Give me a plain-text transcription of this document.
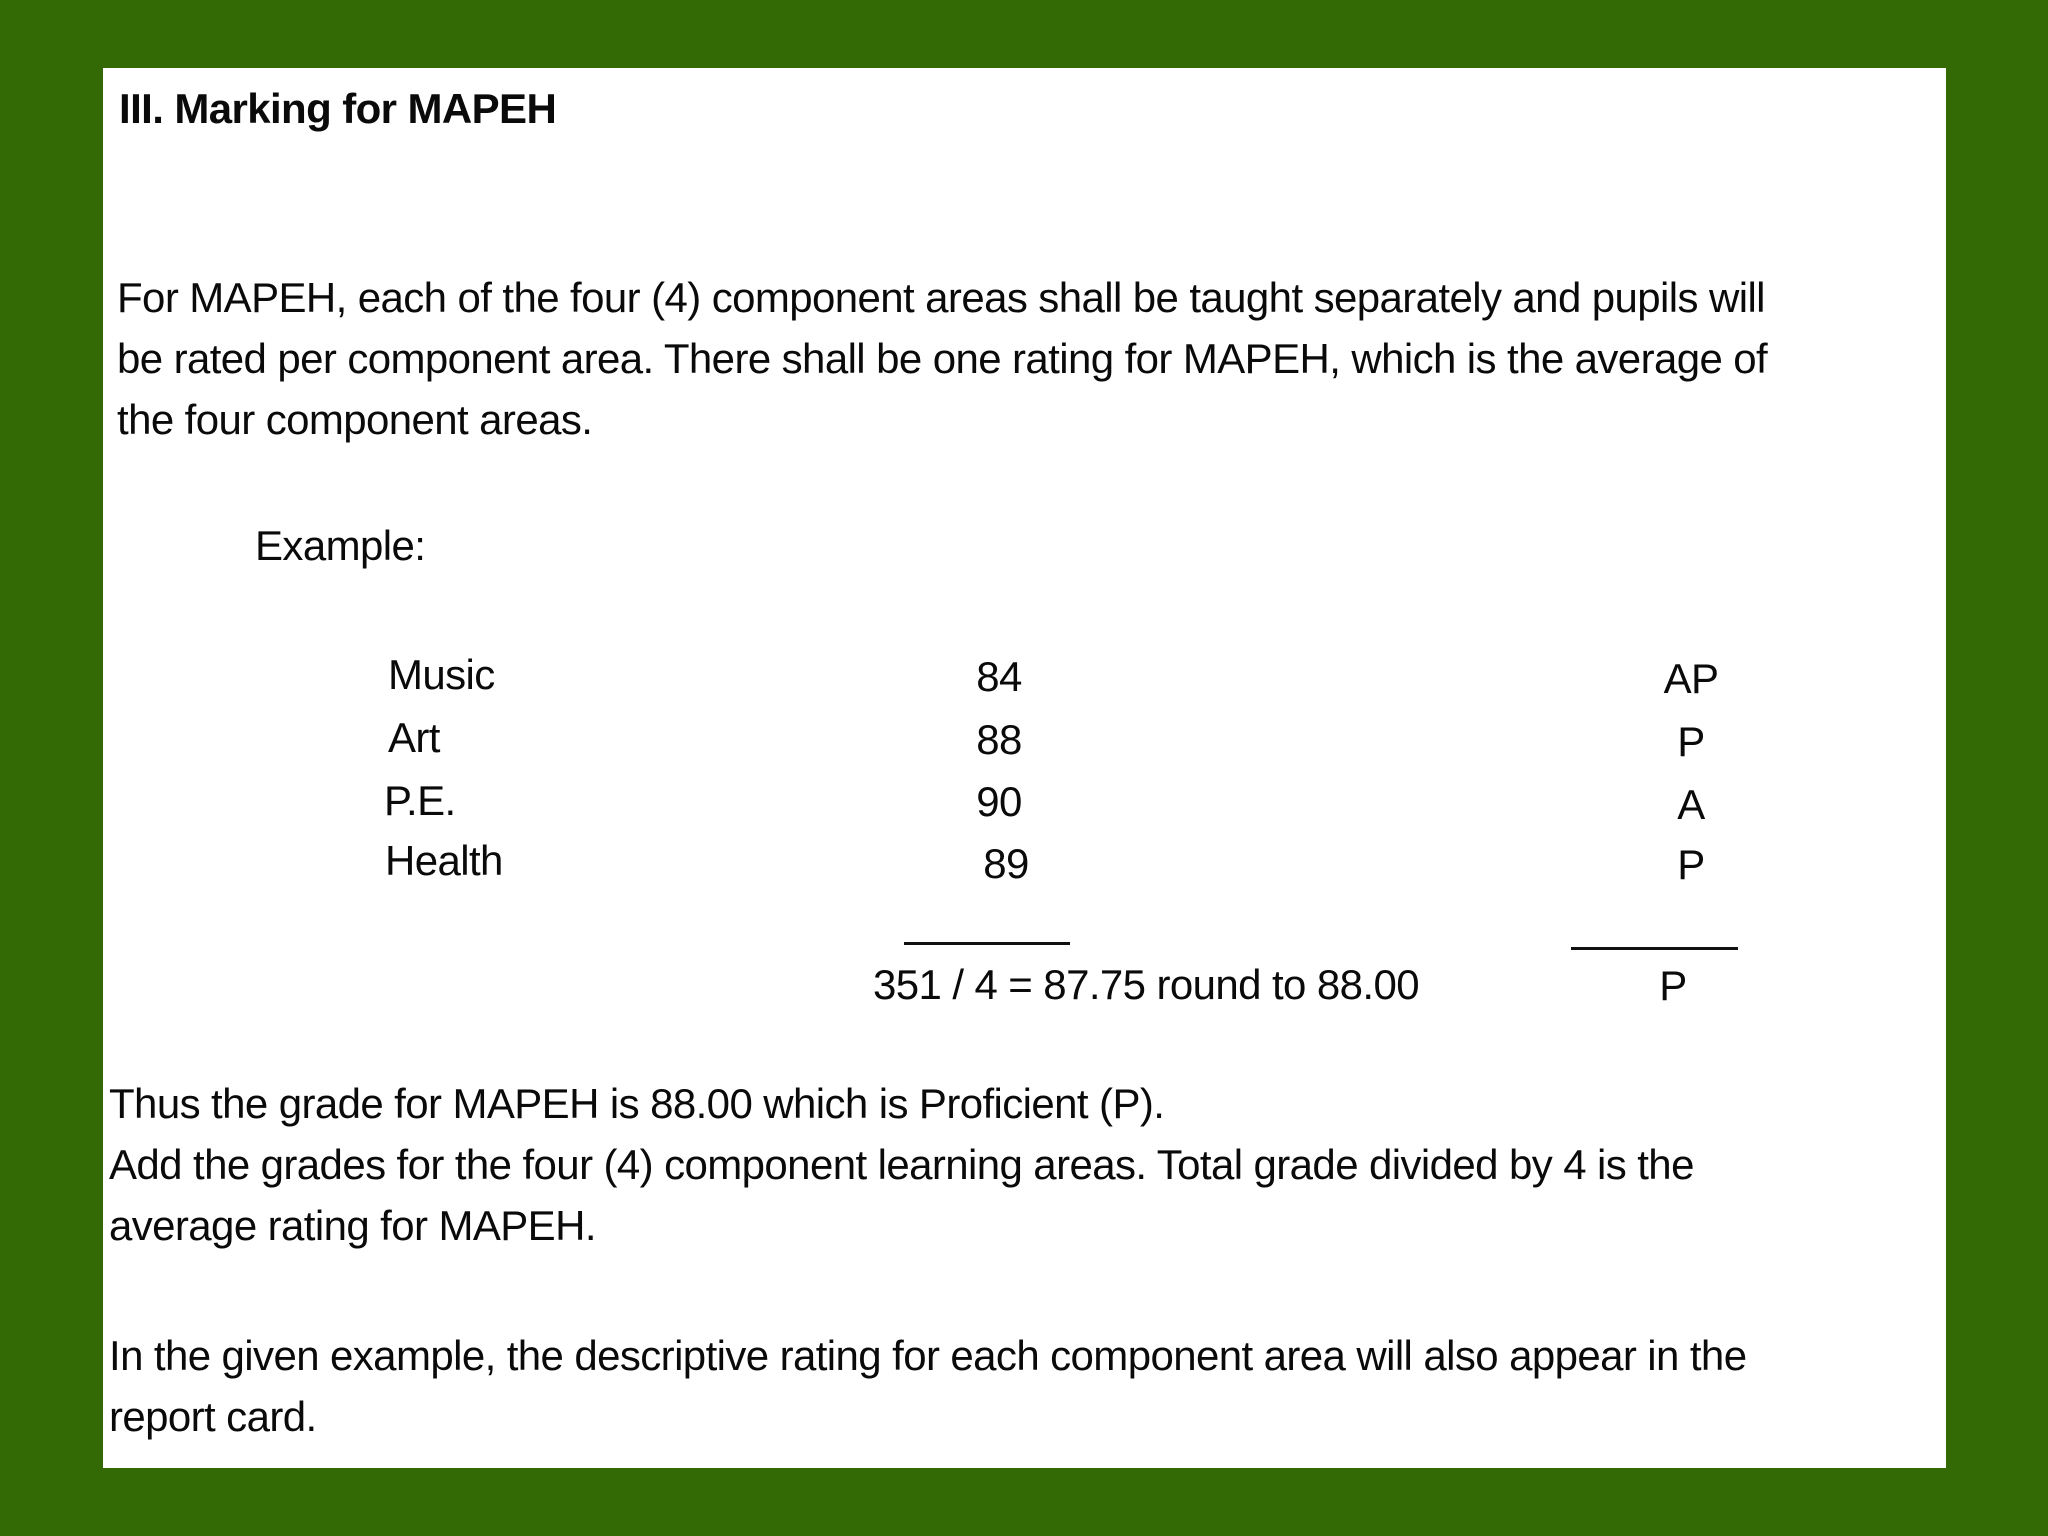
III. Marking for MAPEH
For MAPEH, each of the four (4) component areas shall be taught separately and pupils will
be rated per component area. There shall be one rating for MAPEH, which is the average of
the four component areas.
Example:
Music	84	AP
Art	88	P
P.E.	90	A
Health	89	P
351 / 4 = 87.75 round to 88.00	P
Thus the grade for MAPEH is 88.00 which is Proficient (P).
Add the grades for the four (4) component learning areas. Total grade divided by 4 is the
average rating for MAPEH.
In the given example, the descriptive rating for each component area will also appear in the
report card.
